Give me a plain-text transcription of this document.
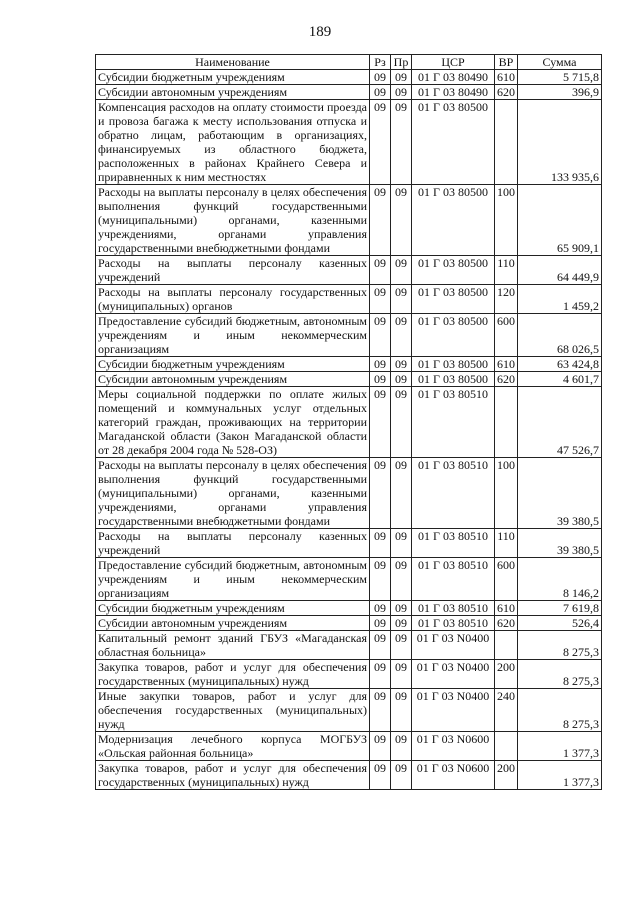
189
Наименование	Рз	Пр	ЦСР	ВР	Сумма
Субсидии бюджетным учреждениям	09	09	01 Г 03 80490	610	5 715,8
Субсидии автономным учреждениям	09	09	01 Г 03 80490	620	396,9
Компенсация расходов на оплату стоимости проезда и провоза багажа к месту использования отпуска и обратно лицам, работающим в организациях, финансируемых из областного бюджета, расположенных в районах Крайнего Севера и приравненных к ним местностях	09	09	01 Г 03 80500		133 935,6
Расходы на выплаты персоналу в целях обеспечения выполнения функций государственными (муниципальными) органами, казенными учреждениями, органами управления государственными внебюджетными фондами	09	09	01 Г 03 80500	100	65 909,1
Расходы на выплаты персоналу казенных учреждений	09	09	01 Г 03 80500	110	64 449,9
Расходы на выплаты персоналу государственных (муниципальных) органов	09	09	01 Г 03 80500	120	1 459,2
Предоставление субсидий бюджетным, автономным учреждениям и иным некоммерческим организациям	09	09	01 Г 03 80500	600	68 026,5
Субсидии бюджетным учреждениям	09	09	01 Г 03 80500	610	63 424,8
Субсидии автономным учреждениям	09	09	01 Г 03 80500	620	4 601,7
Меры социальной поддержки по оплате жилых помещений и коммунальных услуг отдельных категорий граждан, проживающих на территории Магаданской области (Закон Магаданской области от 28 декабря 2004 года № 528-ОЗ)	09	09	01 Г 03 80510		47 526,7
Расходы на выплаты персоналу в целях обеспечения выполнения функций государственными (муниципальными) органами, казенными учреждениями, органами управления государственными внебюджетными фондами	09	09	01 Г 03 80510	100	39 380,5
Расходы на выплаты персоналу казенных учреждений	09	09	01 Г 03 80510	110	39 380,5
Предоставление субсидий бюджетным, автономным учреждениям и иным некоммерческим организациям	09	09	01 Г 03 80510	600	8 146,2
Субсидии бюджетным учреждениям	09	09	01 Г 03 80510	610	7 619,8
Субсидии автономным учреждениям	09	09	01 Г 03 80510	620	526,4
Капитальный ремонт зданий ГБУЗ «Магаданская областная больница»	09	09	01 Г 03 N0400		8 275,3
Закупка товаров, работ и услуг для обеспечения государственных (муниципальных) нужд	09	09	01 Г 03 N0400	200	8 275,3
Иные закупки товаров, работ и услуг для обеспечения государственных (муниципальных) нужд	09	09	01 Г 03 N0400	240	8 275,3
Модернизация лечебного корпуса МОГБУЗ «Ольская районная больница»	09	09	01 Г 03 N0600		1 377,3
Закупка товаров, работ и услуг для обеспечения государственных (муниципальных) нужд	09	09	01 Г 03 N0600	200	1 377,3
